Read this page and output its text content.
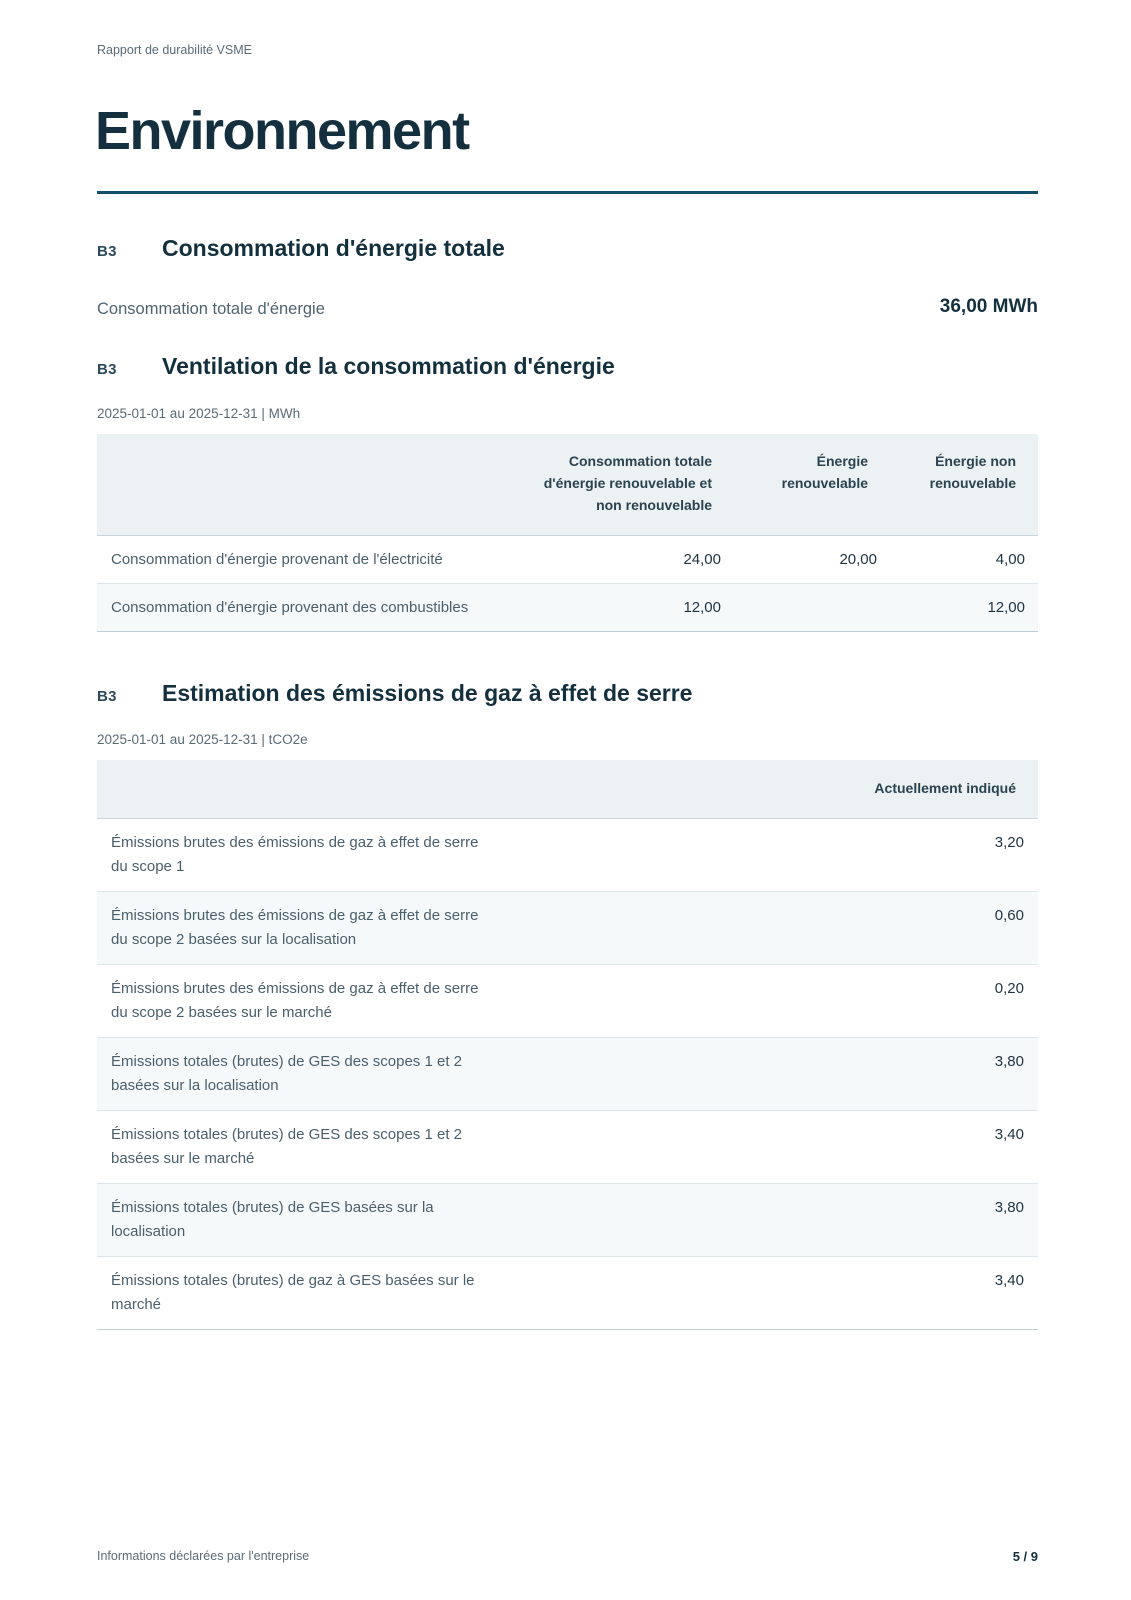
Rapport de durabilité VSME
Environnement
B3 Consommation d'énergie totale
Consommation totale d'énergie	36,00 MWh
B3 Ventilation de la consommation d'énergie
2025-01-01 au 2025-12-31 | MWh
	Consommation totale d'énergie renouvelable et non renouvelable	Énergie renouvelable	Énergie non renouvelable
Consommation d'énergie provenant de l'électricité	24,00	20,00	4,00
Consommation d'énergie provenant des combustibles	12,00		12,00
B3 Estimation des émissions de gaz à effet de serre
2025-01-01 au 2025-12-31 | tCO2e
	Actuellement indiqué
Émissions brutes des émissions de gaz à effet de serre du scope 1	3,20
Émissions brutes des émissions de gaz à effet de serre du scope 2 basées sur la localisation	0,60
Émissions brutes des émissions de gaz à effet de serre du scope 2 basées sur le marché	0,20
Émissions totales (brutes) de GES des scopes 1 et 2 basées sur la localisation	3,80
Émissions totales (brutes) de GES des scopes 1 et 2 basées sur le marché	3,40
Émissions totales (brutes) de GES basées sur la localisation	3,80
Émissions totales (brutes) de gaz à GES basées sur le marché	3,40
Informations déclarées par l'entreprise	5 / 9
